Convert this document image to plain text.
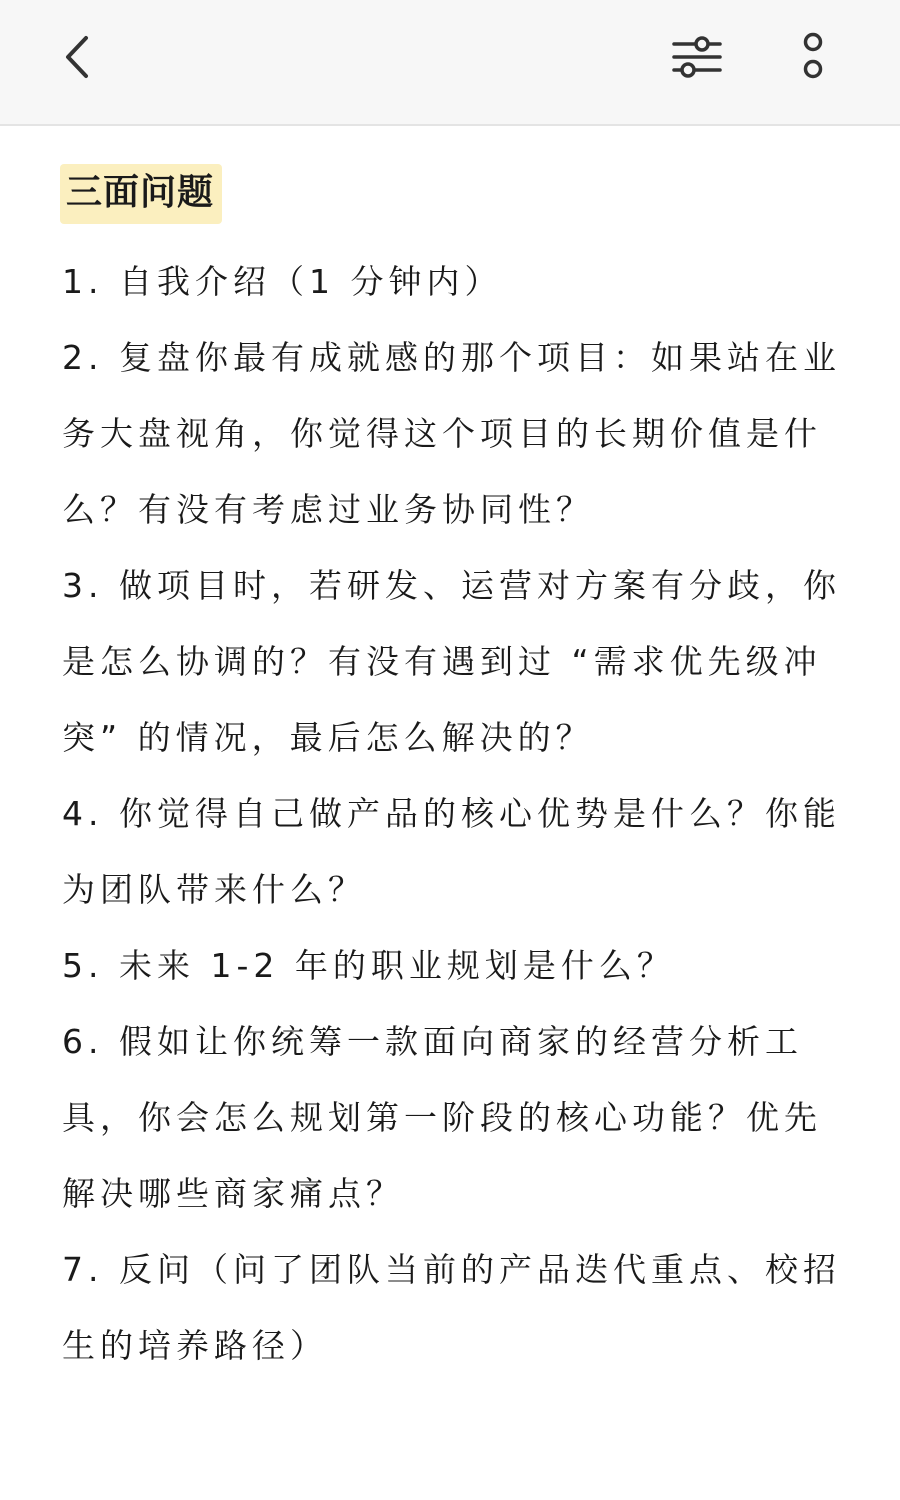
三面问题
1. 自我介绍（1 分钟内）
2. 复盘你最有成就感的那个项目：如果站在业务大盘视角，你觉得这个项目的长期价值是什么？有没有考虑过业务协同性？
3. 做项目时，若研发、运营对方案有分歧，你是怎么协调的？有没有遇到过 “需求优先级冲突” 的情况，最后怎么解决的？
4. 你觉得自己做产品的核心优势是什么？你能为团队带来什么？
5. 未来 1-2 年的职业规划是什么？
6. 假如让你统筹一款面向商家的经营分析工具，你会怎么规划第一阶段的核心功能？优先解决哪些商家痛点？
7. 反问（问了团队当前的产品迭代重点、校招生的培养路径）
